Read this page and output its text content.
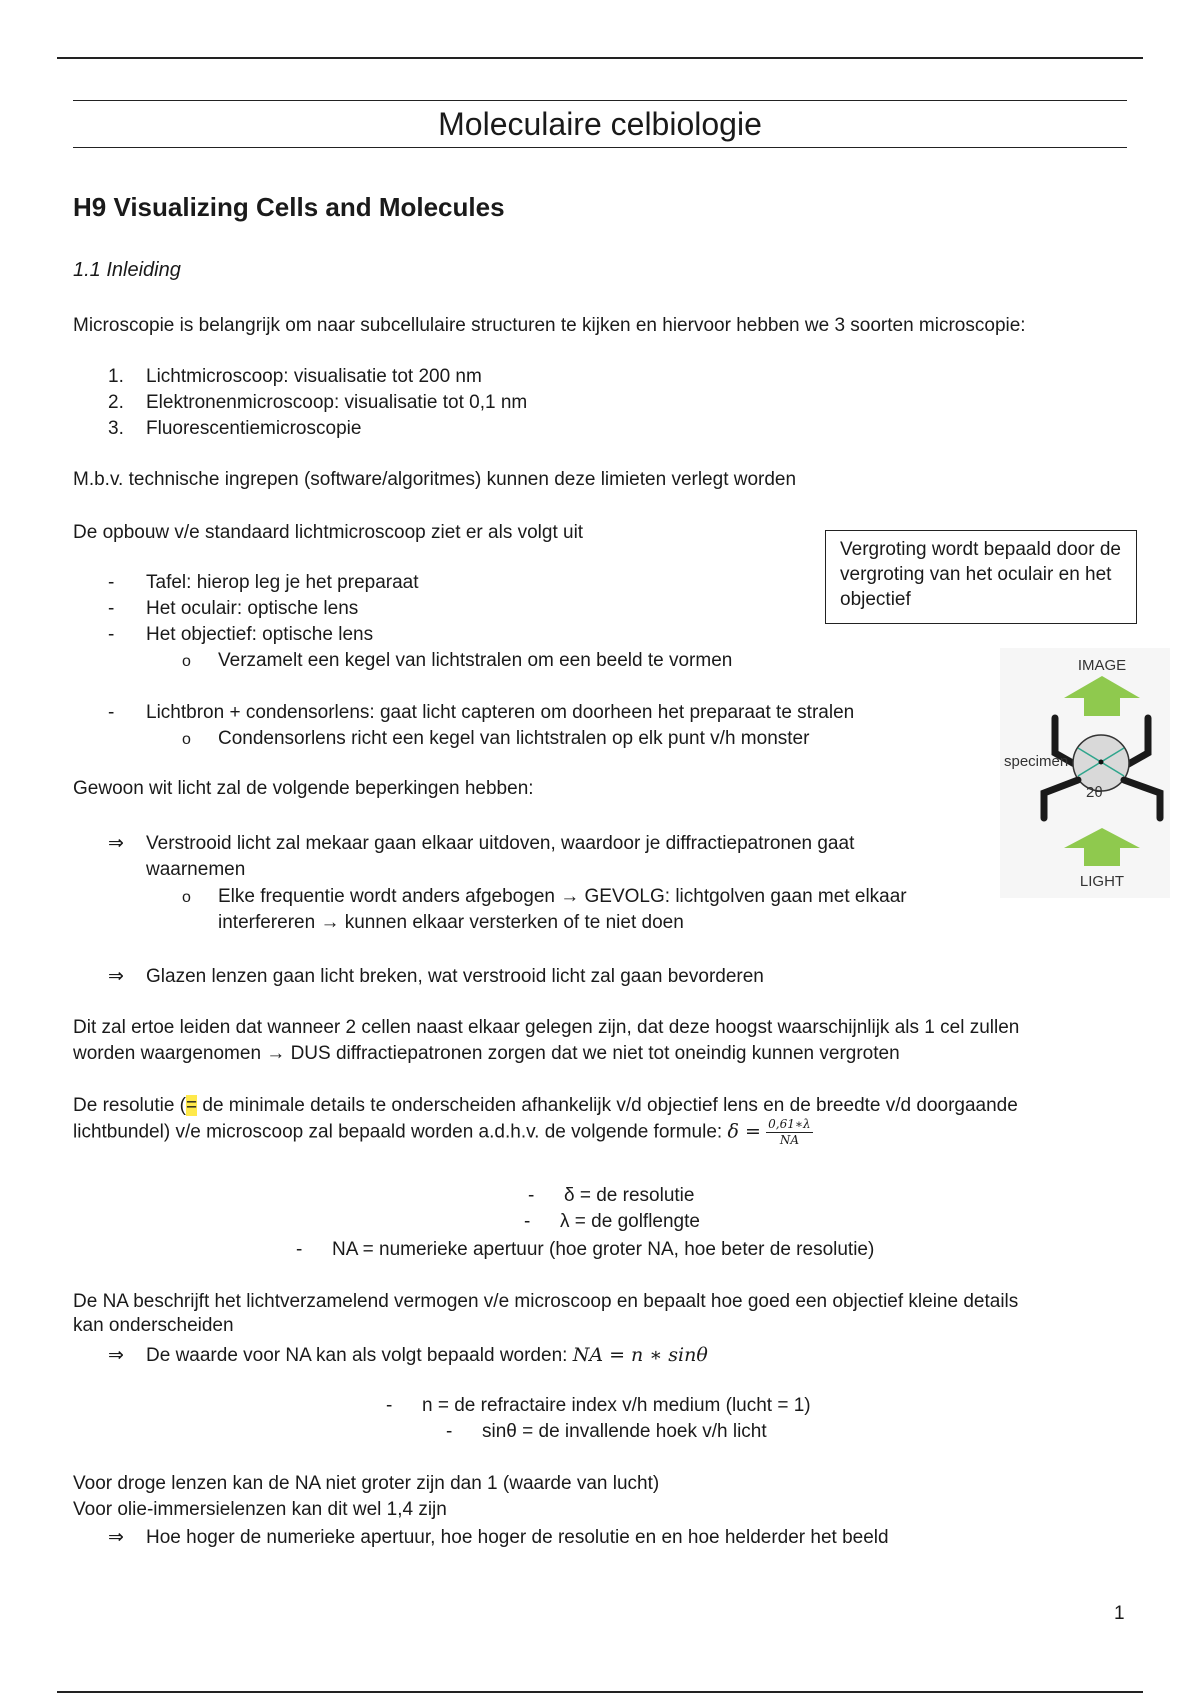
Moleculaire celbiologie
H9 Visualizing Cells and Molecules
1.1 Inleiding
Microscopie is belangrijk om naar subcellulaire structuren te kijken en hiervoor hebben we 3 soorten microscopie:
1. Lichtmicroscoop: visualisatie tot 200 nm
2. Elektronenmicroscoop: visualisatie tot 0,1 nm
3. Fluorescentiemicroscopie
M.b.v. technische ingrepen (software/algoritmes) kunnen deze limieten verlegt worden
De opbouw v/e standaard lichtmicroscoop ziet er als volgt uit
Vergroting wordt bepaald door de vergroting van het oculair en het objectief
- Tafel: hierop leg je het preparaat
- Het oculair: optische lens
- Het objectief: optische lens
o Verzamelt een kegel van lichtstralen om een beeld te vormen
- Lichtbron + condensorlens: gaat licht capteren om doorheen het preparaat te stralen
o Condensorlens richt een kegel van lichtstralen op elk punt v/h monster
IMAGE
specimen
2θ
LIGHT
Gewoon wit licht zal de volgende beperkingen hebben:
⇒ Verstrooid licht zal mekaar gaan elkaar uitdoven, waardoor je diffractiepatronen gaat
waarnemen
o Elke frequentie wordt anders afgebogen → GEVOLG: lichtgolven gaan met elkaar
interfereren → kunnen elkaar versterken of te niet doen
⇒ Glazen lenzen gaan licht breken, wat verstrooid licht zal gaan bevorderen
Dit zal ertoe leiden dat wanneer 2 cellen naast elkaar gelegen zijn, dat deze hoogst waarschijnlijk als 1 cel zullen
worden waargenomen → DUS diffractiepatronen zorgen dat we niet tot oneindig kunnen vergroten
De resolutie (= de minimale details te onderscheiden afhankelijk v/d objectief lens en de breedte v/d doorgaande
lichtbundel) v/e microscoop zal bepaald worden a.d.h.v. de volgende formule: $\delta = \frac{0,61∗\lambda}{NA}$
- δ = de resolutie
- λ = de golflengte
- NA = numerieke apertuur (hoe groter NA, hoe beter de resolutie)
De NA beschrijft het lichtverzamelend vermogen v/e microscoop en bepaalt hoe goed een objectief kleine details
kan onderscheiden
⇒ De waarde voor NA kan als volgt bepaald worden: NA = n ∗ sinθ
- n = de refractaire index v/h medium (lucht = 1)
- sinθ = de invallende hoek v/h licht
Voor droge lenzen kan de NA niet groter zijn dan 1 (waarde van lucht)
Voor olie-immersielenzen kan dit wel 1,4 zijn
⇒ Hoe hoger de numerieke apertuur, hoe hoger de resolutie en en hoe helderder het beeld
1
